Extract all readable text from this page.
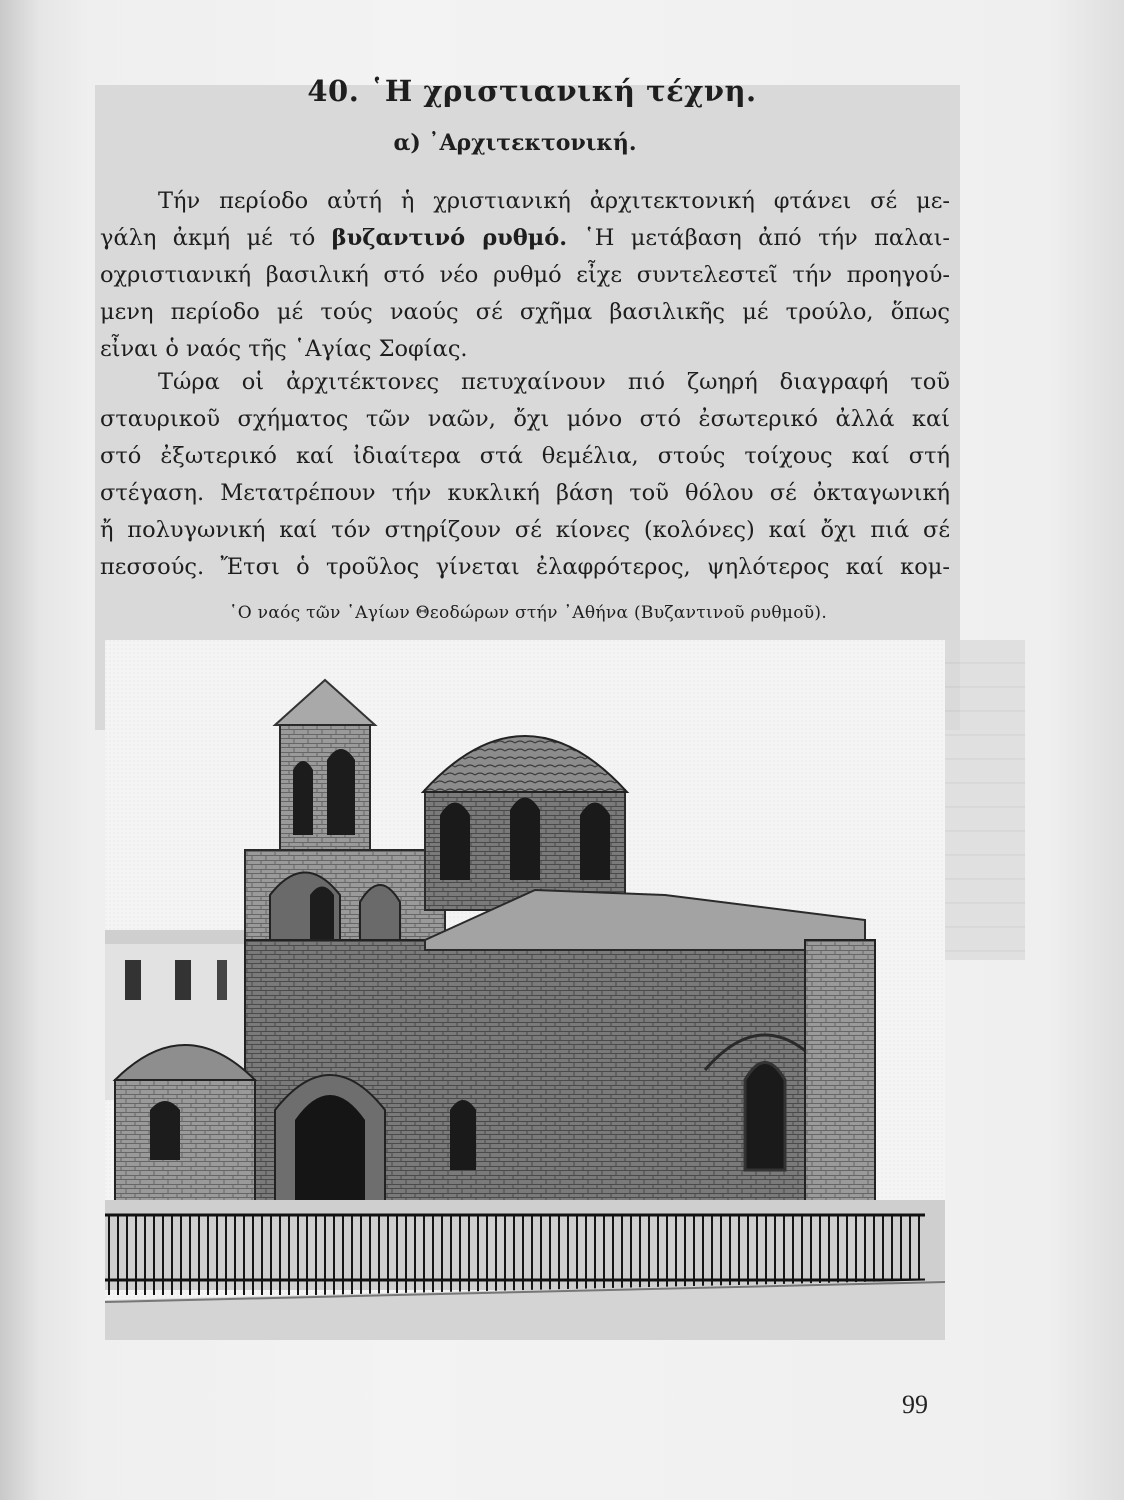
40. ῾Η χριστιανική τέχνη.
α) ᾿Αρχιτεκτονική.
Τήν περίοδο αὐτή ἡ χριστιανική ἀρχιτεκτονική φτάνει σέ με-
γάλη ἀκμή μέ τό βυζαντινό ρυθμό. ῾Η μετάβαση ἀπό τήν παλαι-
οχριστιανική βασιλική στό νέο ρυθμό εἶχε συντελεστεῖ τήν προηγού-
μενη περίοδο μέ τούς ναούς σέ σχῆμα βασιλικῆς μέ τρούλο, ὅπως
εἶναι ὁ ναός τῆς ῾Αγίας Σοφίας.
Τώρα οἱ ἀρχιτέκτονες πετυχαίνουν πιό ζωηρή διαγραφή τοῦ
σταυρικοῦ σχήματος τῶν ναῶν, ὄχι μόνο στό ἐσωτερικό ἀλλά καί
στό ἐξωτερικό καί ἰδιαίτερα στά θεμέλια, στούς τοίχους καί στή
στέγαση. Μετατρέπουν τήν κυκλική βάση τοῦ θόλου σέ ὀκταγωνική
ἤ πολυγωνική καί τόν στηρίζουν σέ κίονες (κολόνες) καί ὄχι πιά σέ
πεσσούς. Ἔτσι ὁ τροῦλος γίνεται ἐλαφρότερος, ψηλότερος καί κομ-
῾Ο ναός τῶν ῾Αγίων Θεοδώρων στήν ᾿Αθήνα (Βυζαντινοῦ ρυθμοῦ).
99
